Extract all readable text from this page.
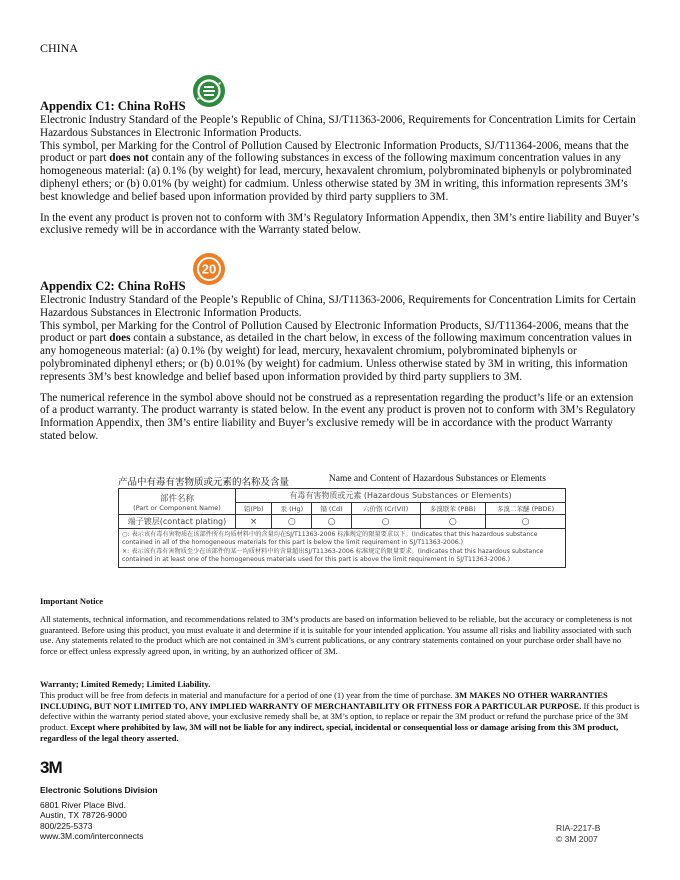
CHINA
Appendix C1: China RoHS

Electronic Industry Standard of the People’s Republic of China, SJ/T11363-2006, Requirements for Concentration Limits for Certain Hazardous Substances in Electronic Information Products.

This symbol, per Marking for the Control of Pollution Caused by Electronic Information Products, SJ/T11364-2006, means that the product or part does not contain any of the following substances in excess of the following maximum concentration values in any homogeneous material: (a) 0.1% (by weight) for lead, mercury, hexavalent chromium, polybrominated biphenyls or polybrominated diphenyl ethers; or (b) 0.01% (by weight) for cadmium. Unless otherwise stated by 3M in writing, this information represents 3M’s best knowledge and belief based upon information provided by third party suppliers to 3M.

In the event any product is proven not to conform with 3M’s Regulatory Information Appendix, then 3M’s entire liability and Buyer’s exclusive remedy will be in accordance with the Warranty stated below.

Appendix C2: China RoHS
20

Electronic Industry Standard of the People’s Republic of China, SJ/T11363-2006, Requirements for Concentration Limits for Certain Hazardous Substances in Electronic Information Products.

This symbol, per Marking for the Control of Pollution Caused by Electronic Information Products, SJ/T11364-2006, means that the product or part does contain a substance, as detailed in the chart below, in excess of the following maximum concentration values in any homogeneous material: (a) 0.1% (by weight) for lead, mercury, hexavalent chromium, polybrominated biphenyls or polybrominated diphenyl ethers; or (b) 0.01% (by weight) for cadmium. Unless otherwise stated by 3M in writing, this information represents 3M’s best knowledge and belief based upon information provided by third party suppliers to 3M.

The numerical reference in the symbol above should not be construed as a representation regarding the product’s life or an extension of a product warranty. The product warranty is stated below. In the event any product is proven not to conform with 3M’s Regulatory Information Appendix, then 3M’s entire liability and Buyer’s exclusive remedy will be in accordance with the product Warranty stated below.

产品中有毒有害物质或元素的名称及含量	Name and Content of Hazardous Substances or Elements
部件名称
(Part or Component Name)	有毒有害物质或元素 (Hazardous Substances or Elements)					
	铅(Pb)	汞 (Hg)	镉 (Cd)	六价铬 (Cr(VI))	多溴联苯 (PBB)	多溴二苯醚 (PBDE)
端子镀层(contact plating)	×	○	○	○	○	○

○: 表示该有毒有害物质在该部件所有均质材料中的含量均在SJ/T11363-2006 标准规定的限量要求以下。(Indicates that this hazardous substance contained in all of the homogeneous materials for this part is below the limit requirement in SJ/T11363-2006.)
×: 表示该有毒有害物质至少在该部件的某一均质材料中的含量超出SJ/T11363-2006 标准规定的限量要求。(Indicates that this hazardous substance contained in at least one of the homogeneous materials used for this part is above the limit requirement in SJ/T11363-2006.)						
Important Notice

All statements, technical information, and recommendations related to 3M’s products are based on information believed to be reliable, but the accuracy or completeness is not guaranteed. Before using this product, you must evaluate it and determine if it is suitable for your intended application. You assume all risks and liability associated with such use. Any statements related to the product which are not contained in 3M’s current publications, or any contrary statements contained on your purchase order shall have no force or effect unless expressly agreed upon, in writing, by an authorized officer of 3M.

Warranty; Limited Remedy; Limited Liability.

This product will be free from defects in material and manufacture for a period of one (1) year from the time of purchase. 3M MAKES NO OTHER WARRANTIES INCLUDING, BUT NOT LIMITED TO, ANY IMPLIED WARRANTY OF MERCHANTABILITY OR FITNESS FOR A PARTICULAR PURPOSE. If this product is defective within the warranty period stated above, your exclusive remedy shall be, at 3M’s option, to replace or repair the 3M product or refund the purchase price of the 3M product. Except where prohibited by law, 3M will not be liable for any indirect, special, incidental or consequential loss or damage arising from this 3M product, regardless of the legal theory asserted.

3M
Electronic Solutions Division
6801 River Place Blvd.
Austin, TX 78726-9000
800/225-5373
www.3M.com/interconnects
RIA-2217-B
© 3M 2007
